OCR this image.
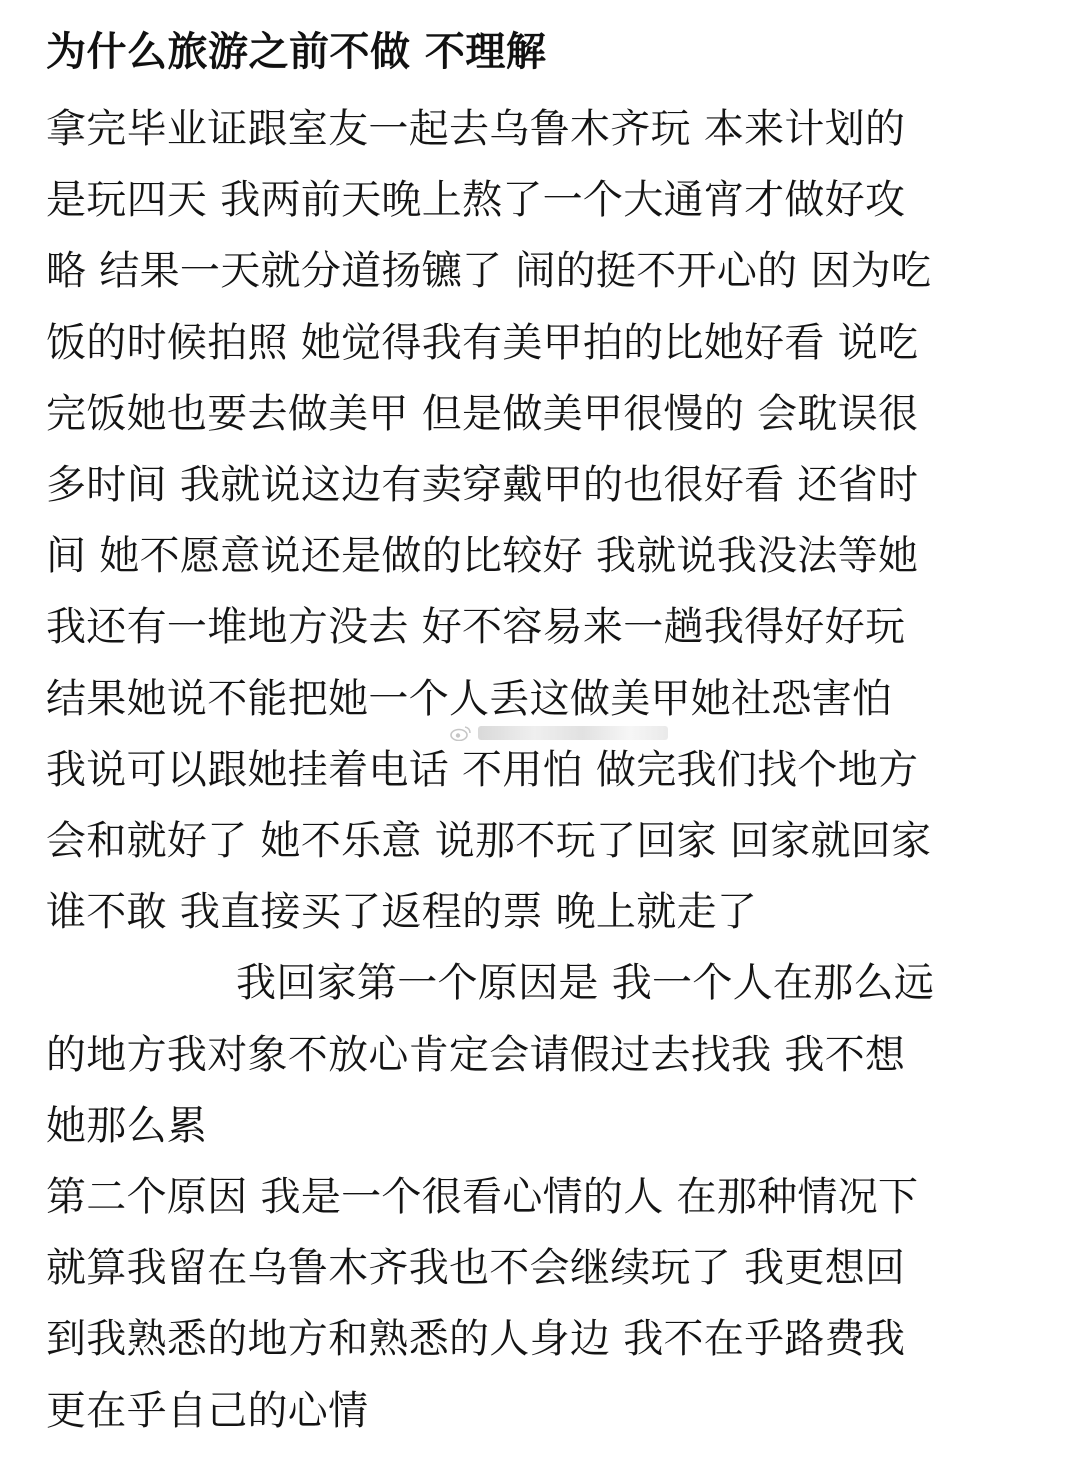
为什么旅游之前不做 不理解
拿完毕业证跟室友一起去乌鲁木齐玩 本来计划的
是玩四天 我两前天晚上熬了一个大通宵才做好攻
略 结果一天就分道扬镳了 闹的挺不开心的 因为吃
饭的时候拍照 她觉得我有美甲拍的比她好看 说吃
完饭她也要去做美甲 但是做美甲很慢的 会耽误很
多时间 我就说这边有卖穿戴甲的也很好看 还省时
间 她不愿意说还是做的比较好 我就说我没法等她
我还有一堆地方没去 好不容易来一趟我得好好玩
结果她说不能把她一个人丢这做美甲她社恐害怕
我说可以跟她挂着电话 不用怕 做完我们找个地方
会和就好了 她不乐意 说那不玩了回家 回家就回家
谁不敢 我直接买了返程的票 晚上就走了
我回家第一个原因是 我一个人在那么远
的地方我对象不放心肯定会请假过去找我 我不想
她那么累
第二个原因 我是一个很看心情的人 在那种情况下
就算我留在乌鲁木齐我也不会继续玩了 我更想回
到我熟悉的地方和熟悉的人身边 我不在乎路费我
更在乎自己的心情
